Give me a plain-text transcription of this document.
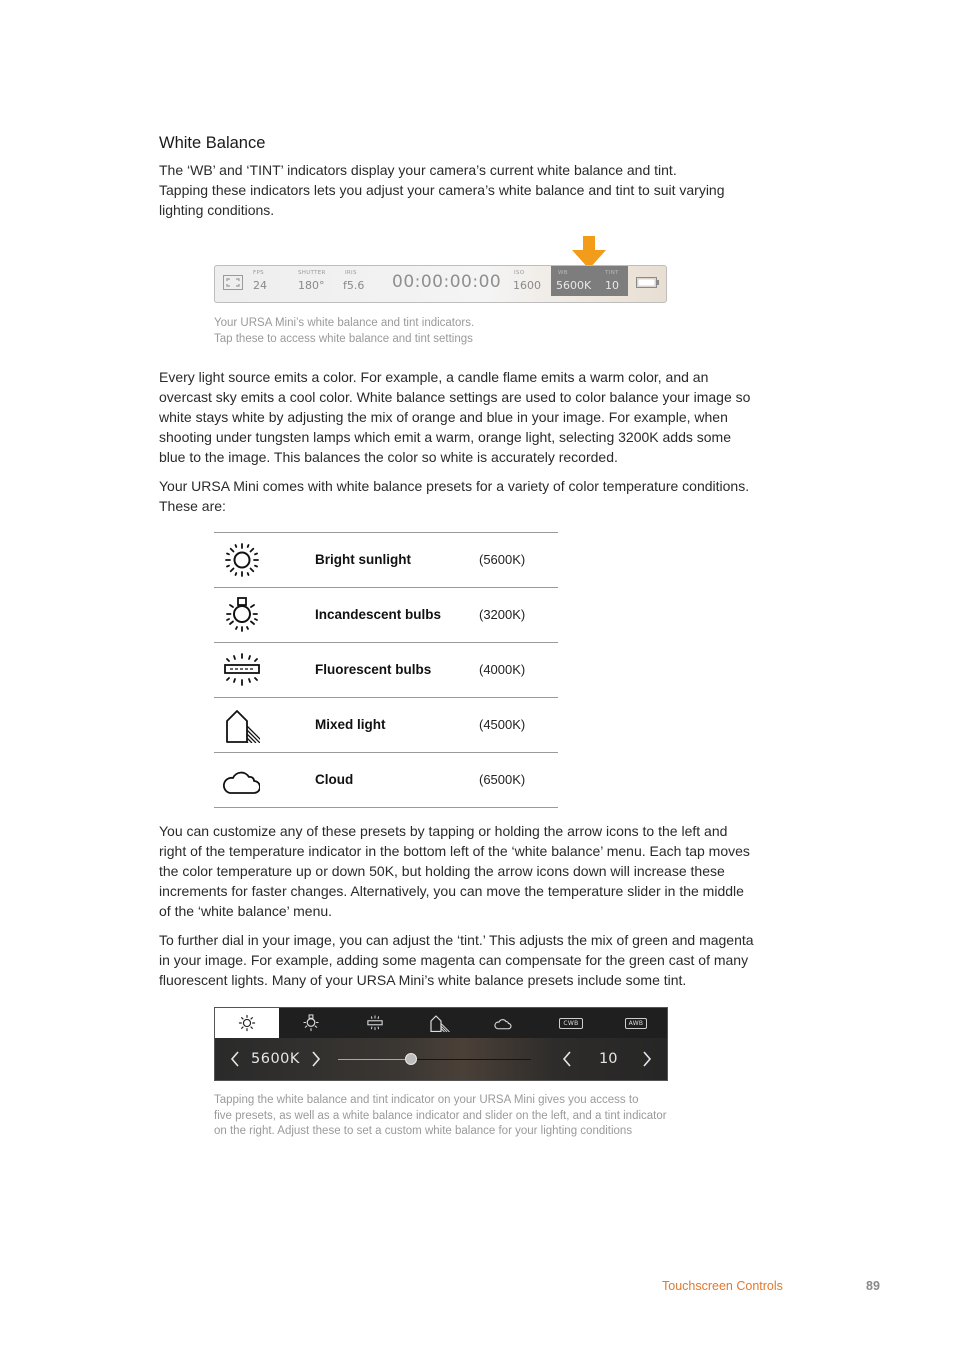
White Balance
The ‘WB’ and ‘TINT’ indicators display your camera’s current white balance and tint.
Tapping these indicators lets you adjust your camera’s white balance and tint to suit varying
lighting conditions.
FPS
24
SHUTTER
180°
IRIS
f5.6 00:00:00:00 ISO
1600
WB
5600K
TINT
10
Your URSA Mini’s white balance and tint indicators.
Tap these to access white balance and tint settings
Every light source emits a color. For example, a candle flame emits a warm color, and an
overcast sky emits a cool color. White balance settings are used to color balance your image so
white stays white by adjusting the mix of orange and blue in your image. For example, when
shooting under tungsten lamps which emit a warm, orange light, selecting 3200K adds some
blue to the image. This balances the color so white is accurately recorded.
Your URSA Mini comes with white balance presets for a variety of color temperature conditions.
These are:
Bright sunlight	(5600K)
Incandescent bulbs	(3200K)
Fluorescent bulbs	(4000K)
Mixed light	(4500K)
Cloud	(6500K)
You can customize any of these presets by tapping or holding the arrow icons to the left and
right of the temperature indicator in the bottom left of the ‘white balance’ menu. Each tap moves
the color temperature up or down 50K, but holding the arrow icons down will increase these
increments for faster changes. Alternatively, you can move the temperature slider in the middle
of the ‘white balance’ menu.
To further dial in your image, you can adjust the ‘tint.’ This adjusts the mix of green and magenta
in your image. For example, adding some magenta can compensate for the green cast of many
fluorescent lights. Many of your URSA Mini’s white balance presets include some tint.
CWB	AWB
5600K	10
Tapping the white balance and tint indicator on your URSA Mini gives you access to
five presets, as well as a white balance indicator and slider on the left, and a tint indicator
on the right. Adjust these to set a custom white balance for your lighting conditions
Touchscreen Controls	89
